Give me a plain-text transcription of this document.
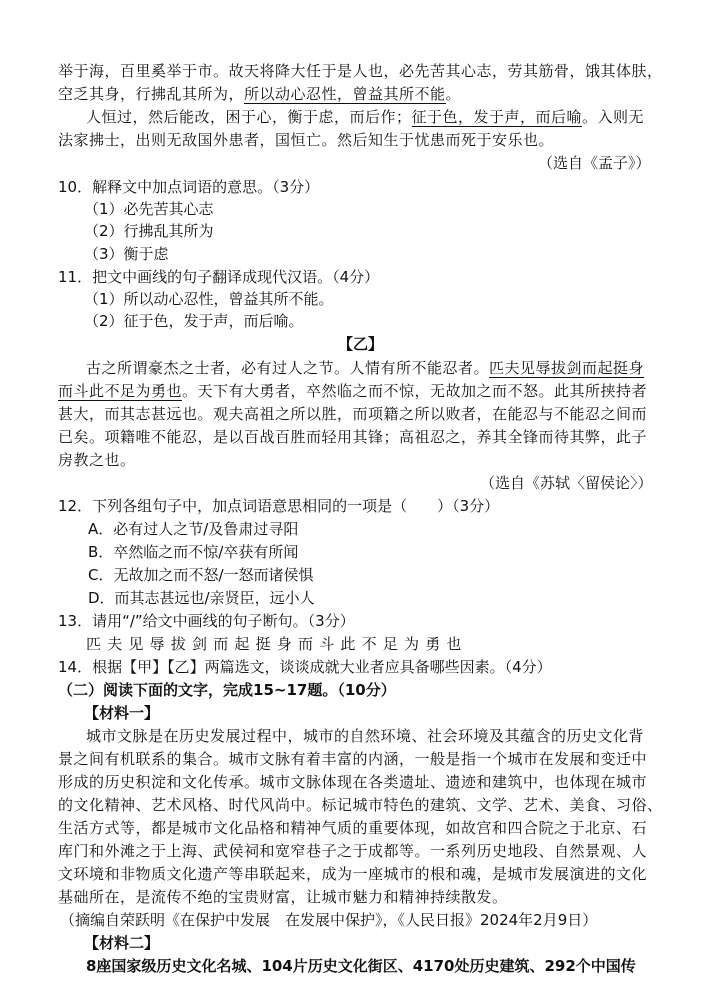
举于海，百里奚举于市。故天将降大任于是人也，必先苦其心志，劳其筋骨，饿其体肤，
空乏其身，行拂乱其所为，所以动心忍性，曾益其所不能。
人恒过，然后能改，困于心，衡于虑，而后作；征于色，发于声，而后喻。入则无
法家拂士，出则无敌国外患者，国恒亡。然后知生于忧患而死于安乐也。
（选自《孟子》）
10．解释文中加点词语的意思。（3分）
（1）必先苦其心志
（2）行拂乱其所为
（3）衡于虑
11．把文中画线的句子翻译成现代汉语。（4分）
（1）所以动心忍性，曾益其所不能。
（2）征于色，发于声，而后喻。
【乙】
古之所谓豪杰之士者，必有过人之节。人情有所不能忍者。匹夫见辱拔剑而起挺身
而斗此不足为勇也。天下有大勇者，卒然临之而不惊，无故加之而不怒。此其所挟持者
甚大，而其志甚远也。观夫高祖之所以胜，而项籍之所以败者，在能忍与不能忍之间而
已矣。项籍唯不能忍，是以百战百胜而轻用其锋；高祖忍之，养其全锋而待其弊，此子
房教之也。
（选自《苏轼〈留侯论〉）
12．下列各组句子中，加点词语意思相同的一项是（　　）（3分）
A．必有过人之节/及鲁肃过寻阳
B．卒然临之而不惊/卒获有所闻
C．无故加之而不怒/一怒而诸侯惧
D．而其志甚远也/亲贤臣，远小人
13．请用“/”给文中画线的句子断句。（3分）
匹夫见辱拔剑而起挺身而斗此不足为勇也
14．根据【甲】【乙】两篇选文，谈谈成就大业者应具备哪些因素。（4分）
（二）阅读下面的文字，完成15~17题。（10分）
【材料一】
城市文脉是在历史发展过程中，城市的自然环境、社会环境及其蕴含的历史文化背
景之间有机联系的集合。城市文脉有着丰富的内涵，一般是指一个城市在发展和变迁中
形成的历史积淀和文化传承。城市文脉体现在各类遗址、遗迹和建筑中，也体现在城市
的文化精神、艺术风格、时代风尚中。标记城市特色的建筑、文学、艺术、美食、习俗、
生活方式等，都是城市文化品格和精神气质的重要体现，如故宫和四合院之于北京、石
库门和外滩之于上海、武侯祠和宽窄巷子之于成都等。一系列历史地段、自然景观、人
文环境和非物质文化遗产等串联起来，成为一座城市的根和魂，是城市发展演进的文化
基础所在，是流传不绝的宝贵财富，让城市魅力和精神持续散发。
（摘编自荣跃明《在保护中发展　在发展中保护》，《人民日报》2024年2月9日）
【材料二】
8座国家级历史文化名城、104片历史文化街区、4170处历史建筑、292个中国传
